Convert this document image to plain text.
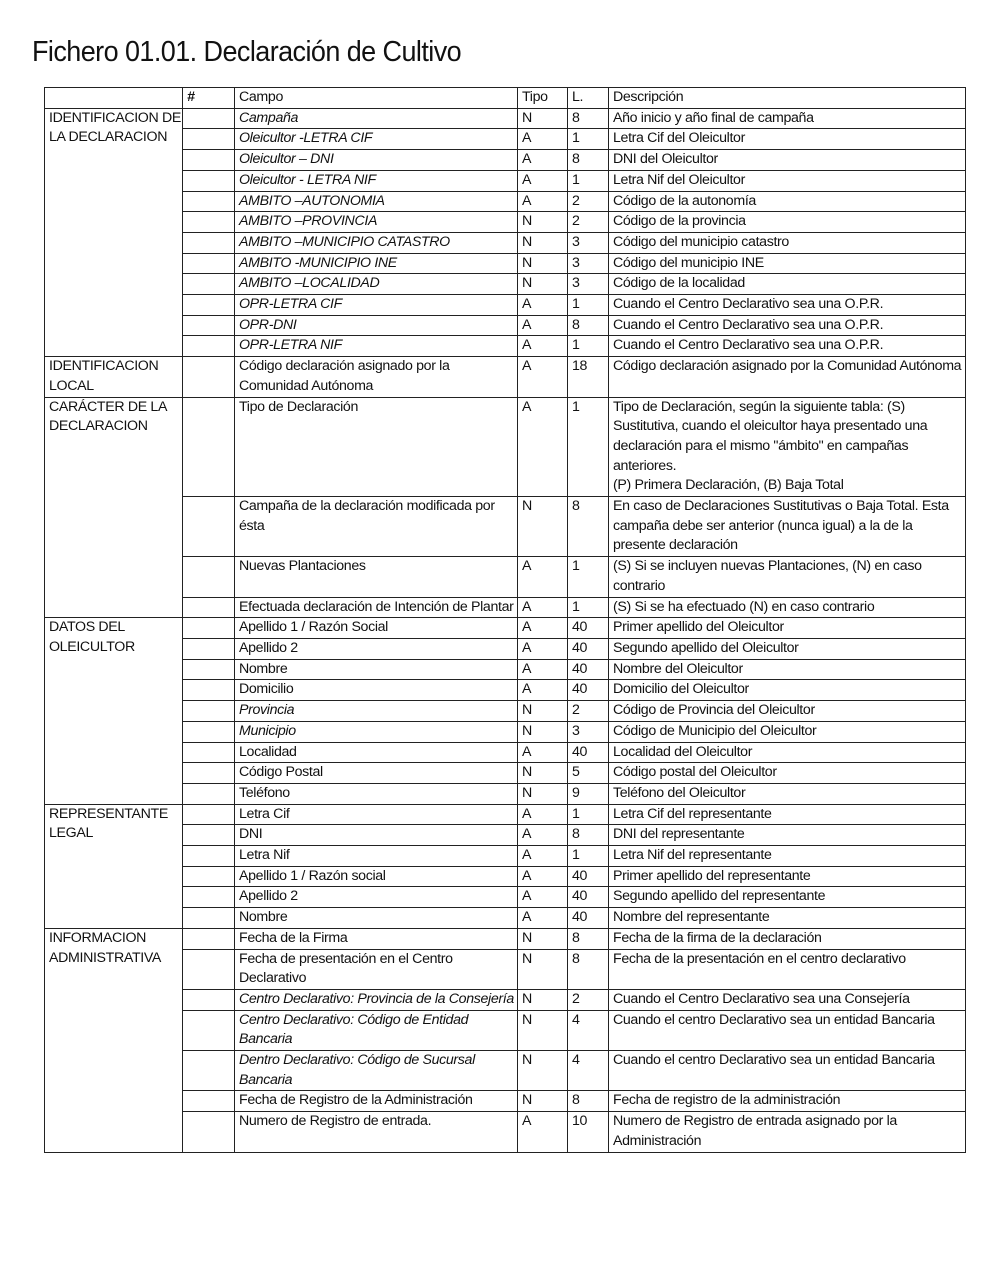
Fichero 01.01. Declaración de Cultivo
	#	Campo	Tipo	L.	Descripción
IDENTIFICACION DE LA DECLARACION		Campaña	N	8	Año inicio y año final de campaña
		Oleicultor -LETRA CIF	A	1	Letra Cif del Oleicultor
		Oleicultor – DNI	A	8	DNI del Oleicultor
		Oleicultor - LETRA NIF	A	1	Letra Nif del Oleicultor
		AMBITO –AUTONOMIA	A	2	Código de la autonomía
		AMBITO –PROVINCIA	N	2	Código de la provincia
		AMBITO –MUNICIPIO CATASTRO	N	3	Código del municipio catastro
		AMBITO -MUNICIPIO INE	N	3	Código del municipio INE
		AMBITO –LOCALIDAD	N	3	Código de la localidad
		OPR-LETRA CIF	A	1	Cuando el Centro Declarativo sea una O.P.R.
		OPR-DNI	A	8	Cuando el Centro Declarativo sea una O.P.R.
		OPR-LETRA NIF	A	1	Cuando el Centro Declarativo sea una O.P.R.
IDENTIFICACION LOCAL		Código declaración asignado por la Comunidad Autónoma	A	18	Código declaración asignado por la Comunidad Autónoma
CARÁCTER DE LA DECLARACION		Tipo de Declaración	A	1	Tipo de Declaración, según la siguiente tabla: (S) Sustitutiva, cuando el oleicultor haya presentado una declaración para el mismo "ámbito" en campañas anteriores.
(P) Primera Declaración, (B) Baja Total
		Campaña de la declaración modificada por ésta	N	8	En caso de Declaraciones Sustitutivas o Baja Total. Esta campaña debe ser anterior (nunca igual) a la de la presente declaración
		Nuevas Plantaciones	A	1	(S) Si se incluyen nuevas Plantaciones, (N) en caso contrario
		Efectuada declaración de Intención de Plantar	A	1	(S) Si se ha efectuado (N) en caso contrario
DATOS DEL OLEICULTOR		Apellido 1 / Razón Social	A	40	Primer apellido del Oleicultor
		Apellido 2	A	40	Segundo apellido del Oleicultor
		Nombre	A	40	Nombre del Oleicultor
		Domicilio	A	40	Domicilio del Oleicultor
		Provincia	N	2	Código de Provincia del Oleicultor
		Municipio	N	3	Código de Municipio del Oleicultor
		Localidad	A	40	Localidad del Oleicultor
		Código Postal	N	5	Código postal del Oleicultor
		Teléfono	N	9	Teléfono del Oleicultor
REPRESENTANTE LEGAL		Letra Cif	A	1	Letra Cif del representante
		DNI	A	8	DNI del representante
		Letra Nif	A	1	Letra Nif del representante
		Apellido 1 / Razón social	A	40	Primer apellido del representante
		Apellido 2	A	40	Segundo apellido del representante
		Nombre	A	40	Nombre del representante
INFORMACION ADMINISTRATIVA		Fecha de la Firma	N	8	Fecha de la firma de la declaración
		Fecha de presentación en el Centro Declarativo	N	8	Fecha de la presentación en el centro declarativo
		Centro Declarativo: Provincia de la Consejería	N	2	Cuando el Centro Declarativo sea una Consejería
		Centro Declarativo: Código de Entidad Bancaria	N	4	Cuando el centro Declarativo sea un entidad Bancaria
		Dentro Declarativo: Código de Sucursal Bancaria	N	4	Cuando el centro Declarativo sea un entidad Bancaria
		Fecha de Registro de la Administración	N	8	Fecha de registro de la administración
		Numero de Registro de entrada.	A	10	Numero de Registro de entrada asignado por la Administración
